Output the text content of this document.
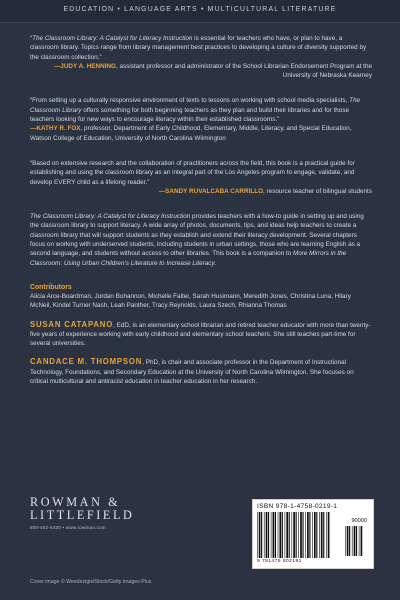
EDUCATION • LANGUAGE ARTS • MULTICULTURAL LITERATURE

“The Classroom Library: A Catalyst for Literacy Instruction is essential for teachers who have, or plan to have, a classroom library. Topics range from library management best practices to developing a culture of diversity supported by the classroom collection.”

—JUDY A. HENNING, assistant professor and administrator of the School Librarian Endorsement Program at the University of Nebraska Kearney

“From setting up a culturally responsive environment of texts to lessons on working with school media specialists, The Classroom Library offers something for both beginning teachers as they plan and build their libraries and for those teachers looking for new ways to encourage literacy within their established classrooms.”

—KATHY R. FOX, professor, Department of Early Childhood, Elementary, Middle, Literacy, and Special Education, Watson College of Education, University of North Carolina Wilmington

“Based on extensive research and the collaboration of practitioners across the field, this book is a practical guide for establishing and using the classroom library as an integral part of the Los Angeles program to engage, validate, and develop EVERY child as a lifelong reader.”

—SANDY RUVALCABA CARRILLO, resource teacher of bilingual students

The Classroom Library: A Catalyst for Literacy Instruction provides teachers with a how-to guide in setting up and using the classroom library to support literacy. A wide array of photos, documents, tips, and ideas help teachers to create a classroom library that will support students as they establish and extend their literacy development. Several chapters focus on working with underserved students, including students in urban settings, those who are learning English as a second language, and students without access to other libraries. This book is a companion to More Mirrors in the Classroom: Using Urban Children’s Literature to Increase Literacy.

Contributors

Alicia Arce-Boardman, Jordan Bohannon, Michelle Falter, Sarah Husimann, Meredith Jones, Christina Luna, Hilary McNeil, Kindel Turner Nash, Leah Panther, Tracy Reynolds, Laura Szech, Rhianna Thomas

SUSAN CATAPANO, EdD, is an elementary school librarian and retired teacher educator with more than twenty-five years of experience working with early childhood and elementary school teachers. She still teaches part-time for several universities.

CANDACE M. THOMPSON, PhD, is chair and associate professor in the Department of Instructional Technology, Foundations, and Secondary Education at the University of North Carolina Wilmington. She focuses on critical multicultural and antiracist education in teacher education in her research.

ROWMAN &
LITTLEFIELD
800-462-6420 • www.rowman.com
ISBN 978-1-4758-0219-1
90000
9 781475 802191
Cover image © Weedezign/iStock/Getty Images Plus
